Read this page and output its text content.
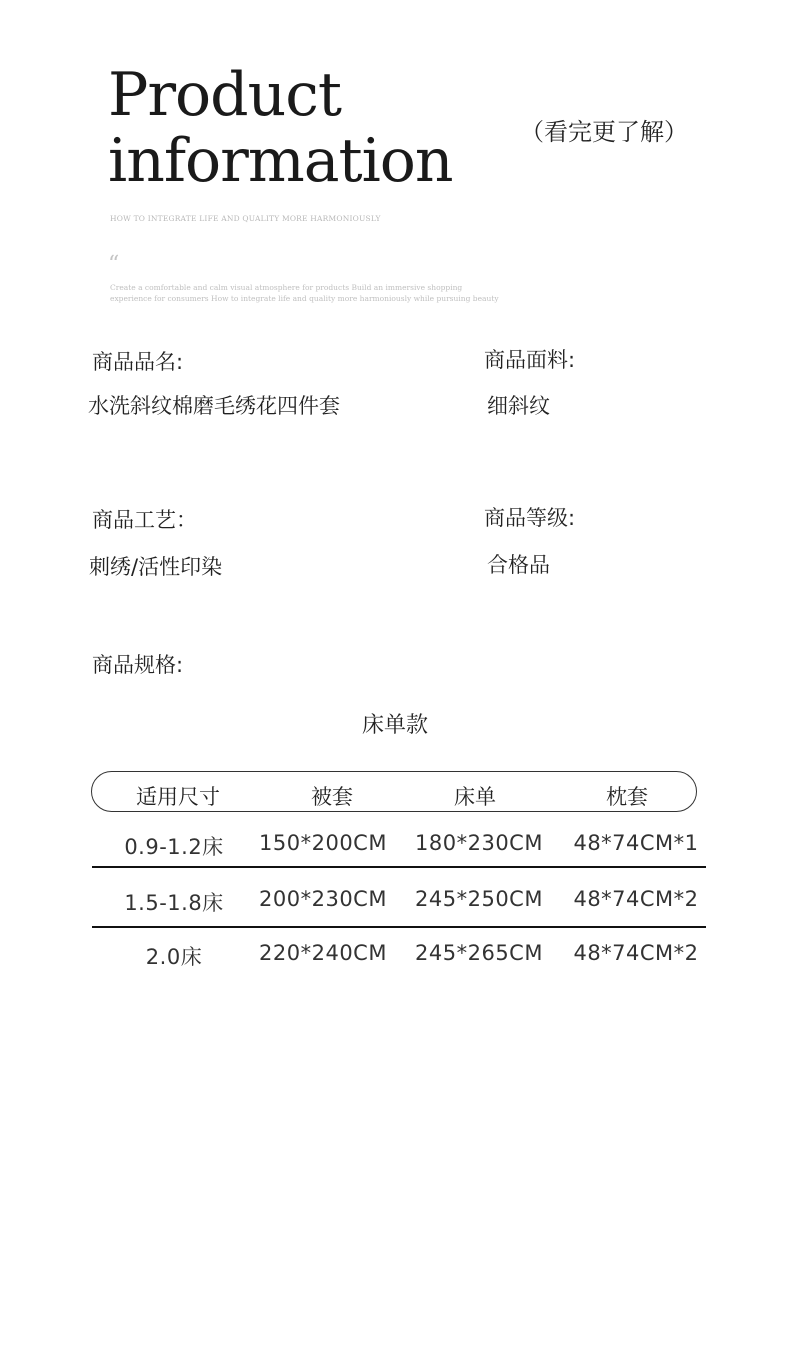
Product
information	（看完更了解）
HOW TO INTEGRATE LIFE AND QUALITY MORE HARMONIOUSLY
“
Create a comfortable and calm visual atmosphere for products Build an immersive shopping experience for consumers How to integrate life and quality more harmoniously while pursuing beauty
商品品名:
水洗斜纹棉磨毛绣花四件套
商品面料:
细斜纹
商品工艺：
刺绣/活性印染
商品等级:
合格品
商品规格:
床单款
适用尺寸	被套	床单	枕套
0.9-1.2床	150*200CM 180*230CM	48*74CM*1
1.5-1.8床	200*230CM 245*250CM	48*74CM*2
2.0床	220*240CM 245*265CM	48*74CM*2
